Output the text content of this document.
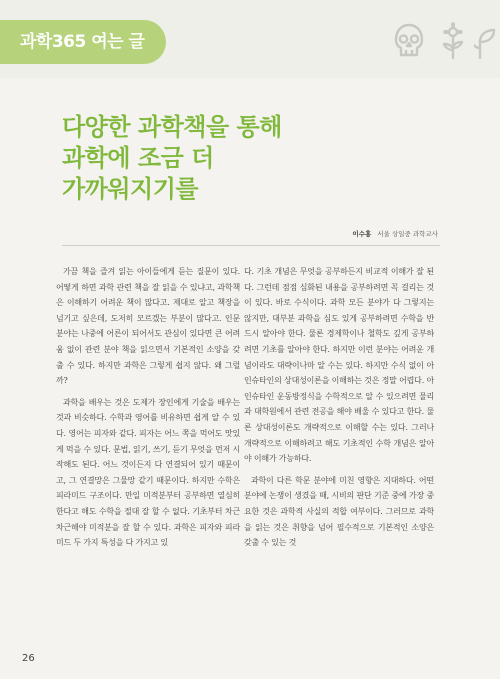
과학365 여는 글
다양한 과학책을 통해
과학에 조금 더
가까워지기를
이수홍 서울 상일중 과학교사

가끔 책을 즐겨 읽는 아이들에게 듣는 질문이 있다. 어떻게 하면 과학 관련 책을 잘 읽을 수 있냐고, 과학책은 이해하기 어려운 책이 많다고. 제대로 알고 책장을 넘기고 싶은데, 도저히 모르겠는 부분이 많다고. 인문 분야는 나중에 어른이 되어서도 관심이 있다면 큰 어려움 없이 관련 분야 책을 읽으면서 기본적인 소양을 갖출 수 있다. 하지만 과학은 그렇게 쉽지 않다. 왜 그럴까?

과학을 배우는 것은 도제가 장인에게 기술을 배우는 것과 비슷하다. 수학과 영어를 비유하면 쉽게 알 수 있다. 영어는 피자와 같다. 피자는 어느 쪽을 먹어도 맛있게 먹을 수 있다. 문법, 읽기, 쓰기, 듣기 무엇을 먼저 시작해도 된다. 어느 것이든지 다 연결되어 있기 때문이고, 그 연결망은 그물망 같기 때문이다. 하지만 수학은 피라미드 구조이다. 만일 미적분부터 공부하면 열심히 한다고 해도 수학을 절대 잘 할 수 없다. 기초부터 차근차근해야 미적분을 잘 할 수 있다. 과학은 피자와 피라미드 두 가지 특성을 다 가지고 있

다. 기초 개념은 무엇을 공부하든지 비교적 이해가 잘 된다. 그런데 점점 심화된 내용을 공부하려면 꼭 걸리는 것이 있다. 바로 수식이다. 과학 모든 분야가 다 그렇지는 않지만, 대부분 과학을 심도 있게 공부하려면 수학을 반드시 알아야 한다. 물론 경제학이나 철학도 깊게 공부하려면 기초를 알아야 한다. 하지만 이런 분야는 어려운 개념이라도 대략이나마 알 수는 있다. 하지만 수식 없이 아인슈타인의 상대성이론을 이해하는 것은 정말 어렵다. 아인슈타인 운동방정식을 수학적으로 알 수 있으려면 물리과 대학원에서 관련 전공을 해야 배울 수 있다고 한다. 물론 상대성이론도 개략적으로 이해할 수는 있다. 그러나 개략적으로 이해하려고 해도 기초적인 수학 개념은 알아야 이해가 가능하다.

과학이 다른 학문 분야에 미친 영향은 지대하다. 어떤 분야에 논쟁이 생겼을 때, 시비의 판단 기준 중에 가장 중요한 것은 과학적 사실의 적합 여부이다. 그러므로 과학을 읽는 것은 취향을 넘어 필수적으로 기본적인 소양은 갖출 수 있는 것

26
